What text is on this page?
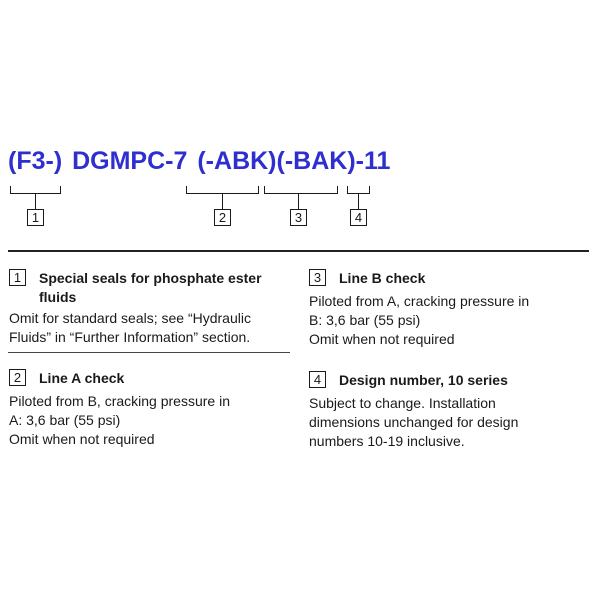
(F3-) DGMPC-7 (-ABK)(-BAK)-11
1	2	3	4
1	Special seals for phosphate ester
fluids
Omit for standard seals; see “Hydraulic
Fluids” in “Further Information” section.
2	Line A check
Piloted from B, cracking pressure in
A: 3,6 bar (55 psi)
Omit when not required
3	Line B check
Piloted from A, cracking pressure in
B: 3,6 bar (55 psi)
Omit when not required
4	Design number, 10 series
Subject to change. Installation
dimensions unchanged for design
numbers 10-19 inclusive.
